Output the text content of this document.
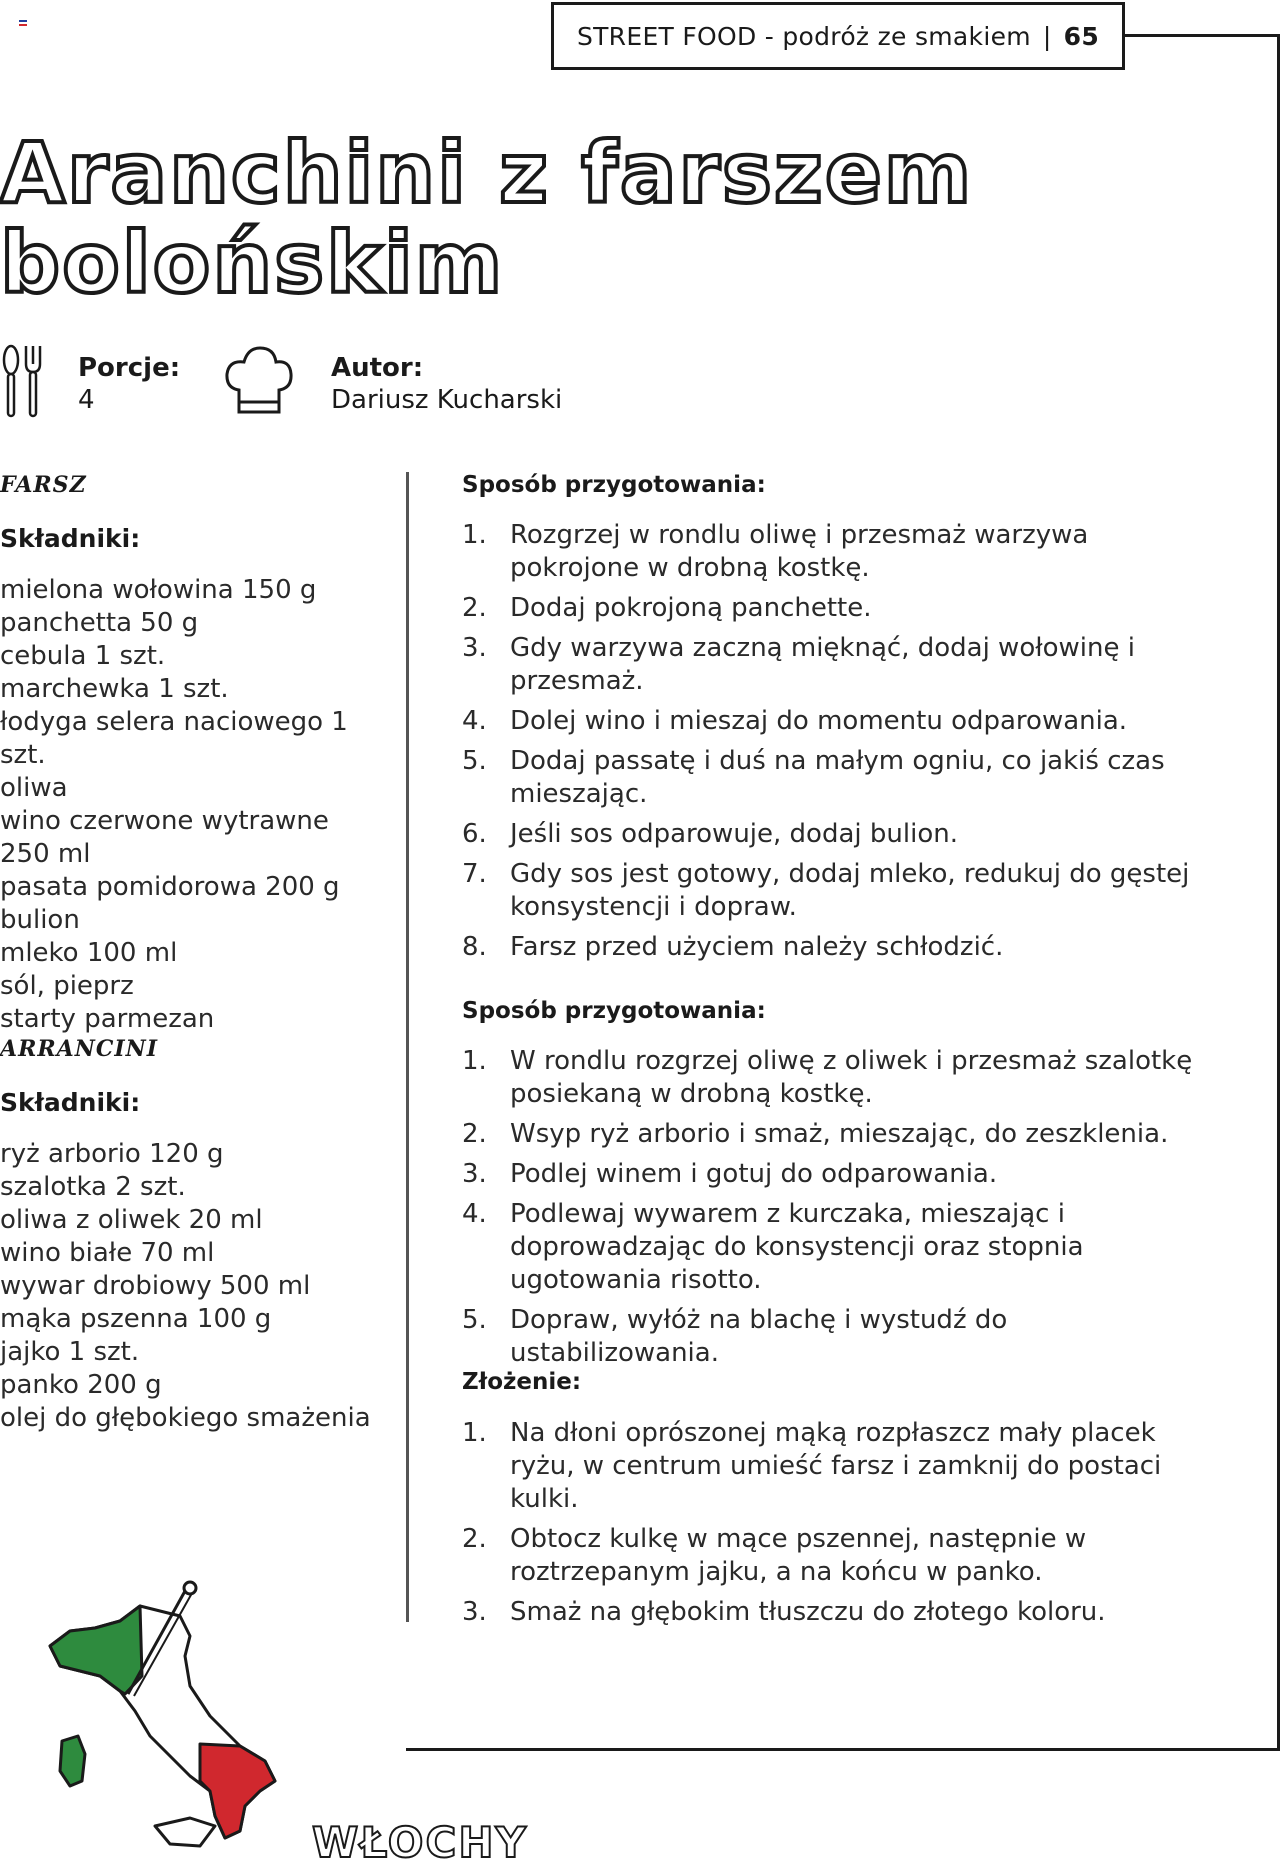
STREET FOOD
-
podróż ze smakiem | 65
Aranchini z farszem
bolońskim
Porcje:
4
Autor:
Dariusz Kucharski
FARSZ
Składniki:
mielona wołowina 150 g
panchetta 50 g
cebula 1 szt.
marchewka 1 szt.
łodyga selera naciowego 1 szt.
oliwa
wino czerwone wytrawne
250 ml
pasata pomidorowa 200 g
bulion
mleko 100 ml
sól, pieprz
starty parmezan
ARRANCINI
Składniki:
ryż arborio 120 g
szalotka 2 szt.
oliwa z oliwek 20 ml
wino białe 70 ml
wywar drobiowy 500 ml
mąka pszenna 100 g
jajko 1 szt.
panko 200 g
olej do głębokiego smażenia
Sposób przygotowania:
1. Rozgrzej w rondlu oliwę i przesmaż warzywa pokrojone w drobną kostkę.
2. Dodaj pokrojoną panchette.
3. Gdy warzywa zaczną mięknąć, dodaj wołowinę i przesmaż.
4. Dolej wino i mieszaj do momentu odparowania.
5. Dodaj passatę i duś na małym ogniu, co jakiś czas mieszając.
6. Jeśli sos odparowuje, dodaj bulion.
7. Gdy sos jest gotowy, dodaj mleko, redukuj do gęstej konsystencji i dopraw.
8. Farsz przed użyciem należy schłodzić.
Sposób przygotowania:
1. W rondlu rozgrzej oliwę z oliwek i przesmaż szalotkę posiekaną w drobną kostkę.
2. Wsyp ryż arborio i smaż, mieszając, do zeszklenia.
3. Podlej winem i gotuj do odparowania.
4. Podlewaj wywarem z kurczaka, mieszając i doprowadzając do konsystencji oraz stopnia ugotowania risotto.
5. Dopraw, wyłóż na blachę i wystudź do ustabilizowania.
Złożenie:
1. Na dłoni oprószonej mąką rozpłaszcz mały placek ryżu, w centrum umieść farsz i zamknij do postaci kulki.
2. Obtocz kulkę w mące pszennej, następnie w roztrzepanym jajku, a na końcu w panko.
3. Smaż na głębokim tłuszczu do złotego koloru.
WŁOCHY
